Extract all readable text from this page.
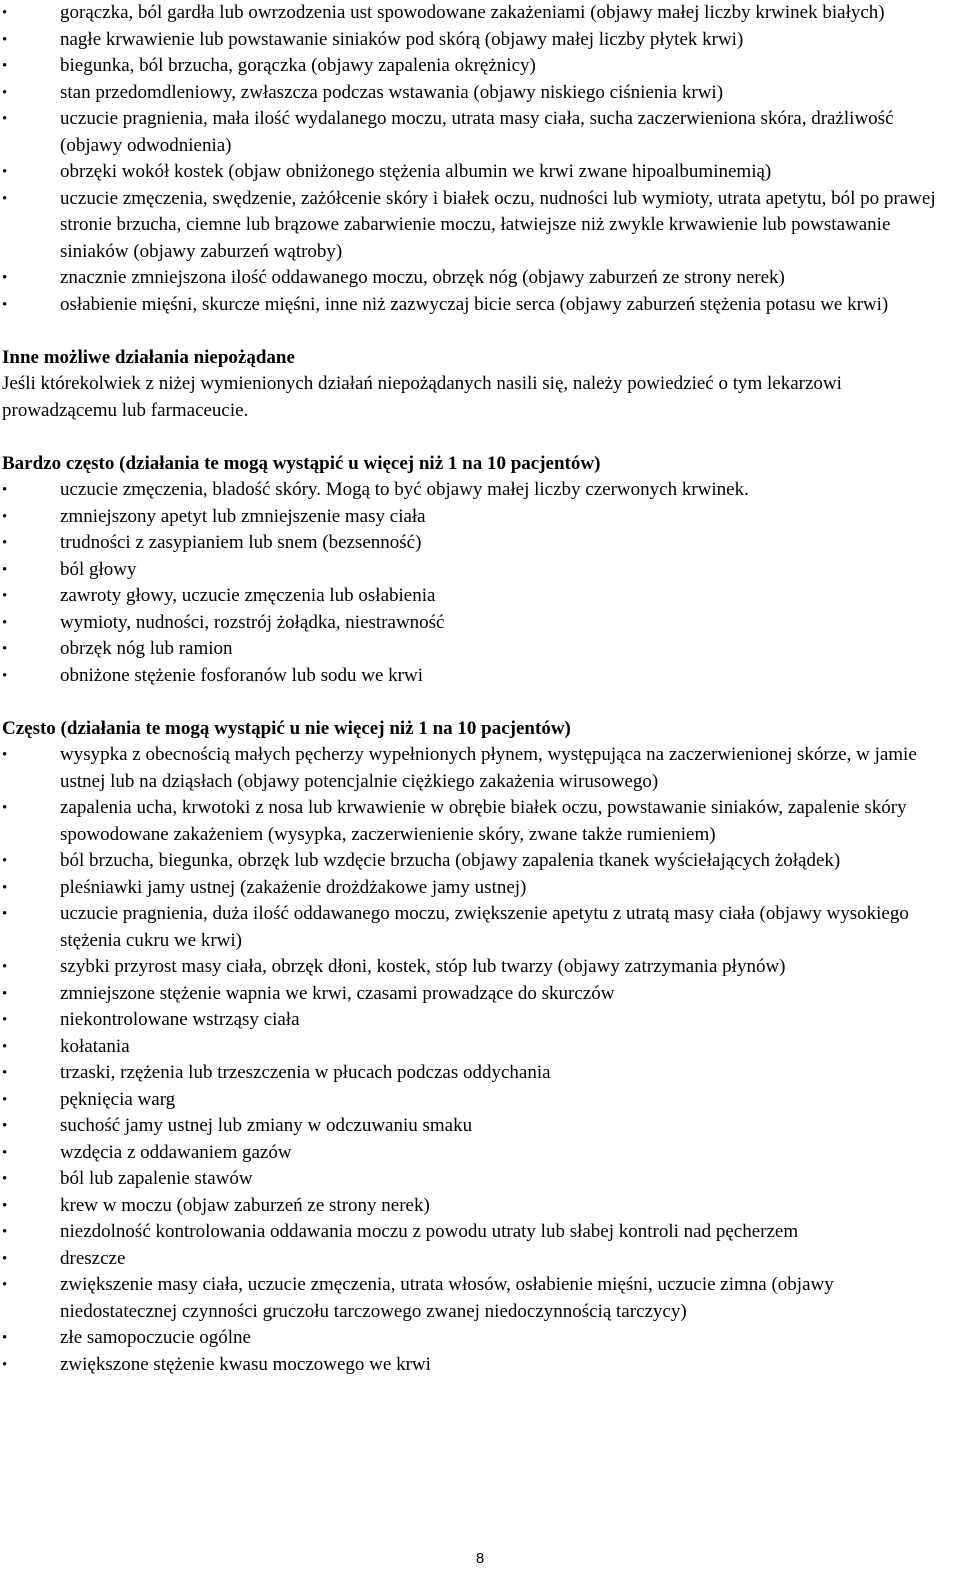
• gorączka, ból gardła lub owrzodzenia ust spowodowane zakażeniami (objawy małej liczby krwinek białych)
• nagłe krwawienie lub powstawanie siniaków pod skórą (objawy małej liczby płytek krwi)
• biegunka, ból brzucha, gorączka (objawy zapalenia okrężnicy)
• stan przedomdleniowy, zwłaszcza podczas wstawania (objawy niskiego ciśnienia krwi)
• uczucie pragnienia, mała ilość wydalanego moczu, utrata masy ciała, sucha zaczerwieniona skóra, drażliwość (objawy odwodnienia)
• obrzęki wokół kostek (objaw obniżonego stężenia albumin we krwi zwane hipoalbuminemią)
• uczucie zmęczenia, swędzenie, zażółcenie skóry i białek oczu, nudności lub wymioty, utrata apetytu, ból po prawej stronie brzucha, ciemne lub brązowe zabarwienie moczu, łatwiejsze niż zwykle krwawienie lub powstawanie siniaków (objawy zaburzeń wątroby)
• znacznie zmniejszona ilość oddawanego moczu, obrzęk nóg (objawy zaburzeń ze strony nerek)
• osłabienie mięśni, skurcze mięśni, inne niż zazwyczaj bicie serca (objawy zaburzeń stężenia potasu we krwi)

Inne możliwe działania niepożądane

Jeśli którekolwiek z niżej wymienionych działań niepożądanych nasili się, należy powiedzieć o tym lekarzowi prowadzącemu lub farmaceucie.

Bardzo często (działania te mogą wystąpić u więcej niż 1 na 10 pacjentów)

• uczucie zmęczenia, bladość skóry. Mogą to być objawy małej liczby czerwonych krwinek.
• zmniejszony apetyt lub zmniejszenie masy ciała
• trudności z zasypianiem lub snem (bezsenność)
• ból głowy
• zawroty głowy, uczucie zmęczenia lub osłabienia
• wymioty, nudności, rozstrój żołądka, niestrawność
• obrzęk nóg lub ramion
• obniżone stężenie fosforanów lub sodu we krwi

Często (działania te mogą wystąpić u nie więcej niż 1 na 10 pacjentów)

• wysypka z obecnością małych pęcherzy wypełnionych płynem, występująca na zaczerwienionej skórze, w jamie ustnej lub na dziąsłach (objawy potencjalnie ciężkiego zakażenia wirusowego)
• zapalenia ucha, krwotoki z nosa lub krwawienie w obrębie białek oczu, powstawanie siniaków, zapalenie skóry spowodowane zakażeniem (wysypka, zaczerwienienie skóry, zwane także rumieniem)
• ból brzucha, biegunka, obrzęk lub wzdęcie brzucha (objawy zapalenia tkanek wyściełających żołądek)
• pleśniawki jamy ustnej (zakażenie drożdżakowe jamy ustnej)
• uczucie pragnienia, duża ilość oddawanego moczu, zwiększenie apetytu z utratą masy ciała (objawy wysokiego stężenia cukru we krwi)
• szybki przyrost masy ciała, obrzęk dłoni, kostek, stóp lub twarzy (objawy zatrzymania płynów)
• zmniejszone stężenie wapnia we krwi, czasami prowadzące do skurczów
• niekontrolowane wstrząsy ciała
• kołatania
• trzaski, rzężenia lub trzeszczenia w płucach podczas oddychania
• pęknięcia warg
• suchość jamy ustnej lub zmiany w odczuwaniu smaku
• wzdęcia z oddawaniem gazów
• ból lub zapalenie stawów
• krew w moczu (objaw zaburzeń ze strony nerek)
• niezdolność kontrolowania oddawania moczu z powodu utraty lub słabej kontroli nad pęcherzem
• dreszcze
• zwiększenie masy ciała, uczucie zmęczenia, utrata włosów, osłabienie mięśni, uczucie zimna (objawy niedostatecznej czynności gruczołu tarczowego zwanej niedoczynnością tarczycy)
• złe samopoczucie ogólne
• zwiększone stężenie kwasu moczowego we krwi
8
